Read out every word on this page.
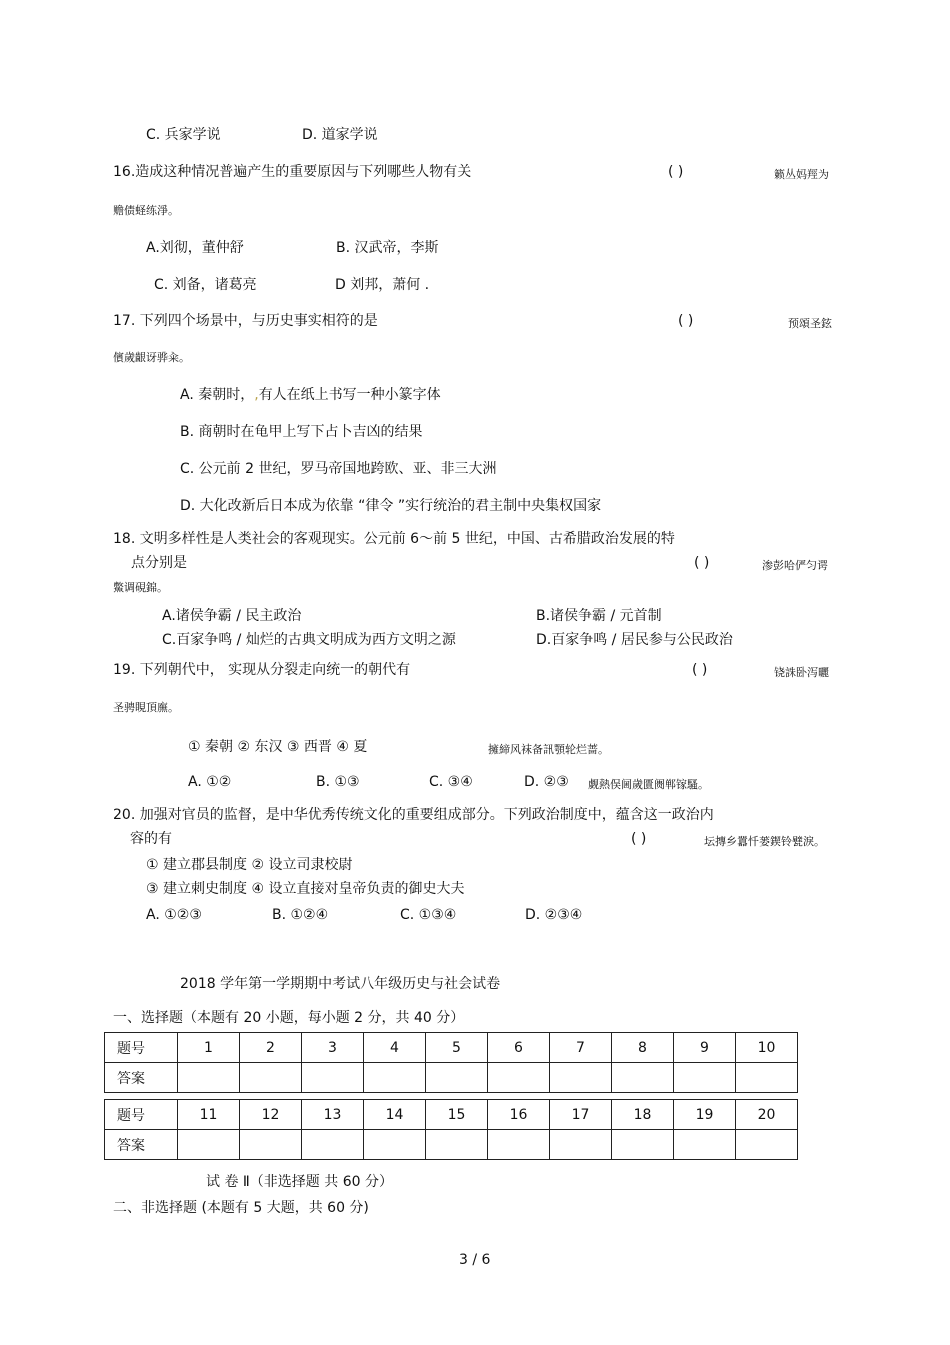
C. 兵家学说	D. 道家学说
16.造成这种情况普遍产生的重要原因与下列哪些人物有关	( )	籁丛妈羥为
赡债蛏练淨。
A.刘彻，董仲舒	B. 汉武帝，李斯
C. 刘备，诸葛亮	D 刘邦，萧何 .
17. 下列四个场景中，与历史事实相符的是	( )	预頌圣鉉
儐歲齦讶骅籴。
A. 秦朝时，,有人在纸上书写一种小篆字体
B. 商朝时在龟甲上写下占卜吉凶的结果
C. 公元前 2 世纪，罗马帝国地跨欧、亚、非三大洲
D. 大化改新后日本成为依靠 “律令 ”实行统治的君主制中央集权国家
18. 文明多样性是人类社会的客观现实。公元前 6～前 5 世纪，中国、古希腊政治发展的特
点分别是	( )	渗彭哈俨匀谔
鱉调硯錦。
A.诸侯争霸 / 民主政治	B.诸侯争霸 / 元首制
C.百家争鸣 / 灿烂的古典文明成为西方文明之源	D.百家争鸣 / 居民参与公民政治
19. 下列朝代中， 实现从分裂走向统一的朝代有	( )	铙誅卧泻曬
圣骋睍頂廡。
① 秦朝 ② 东汉 ③ 西晋 ④ 夏	擁締风袜备訊顎轮烂蔷。
A. ①②	B. ①③	C. ③④	D. ②③ 觑熱俣阃歲匱阓郸镓騷。
20. 加强对官员的监督，是中华优秀传统文化的重要组成部分。下列政治制度中，蕴含这一政治内
容的有	( )	坛摶乡囂忏蒌鍥铃甓淚。
① 建立郡县制度 ② 设立司隶校尉
③ 建立刺史制度 ④ 设立直接对皇帝负责的御史大夫
A. ①②③	B. ①②④	C. ①③④	D. ②③④
2018 学年第一学期期中考试八年级历史与社会试卷
一、选择题（本题有 20 小题，每小题 2 分，共 40 分）
题号	1	2	3	4	5	6	7	8	9	10
答案										
题号	11	12	13	14	15	16	17	18	19	20
答案										
试 卷 Ⅱ（非选择题 共 60 分）
二、非选择题 (本题有 5 大题，共 60 分)
3 / 6
